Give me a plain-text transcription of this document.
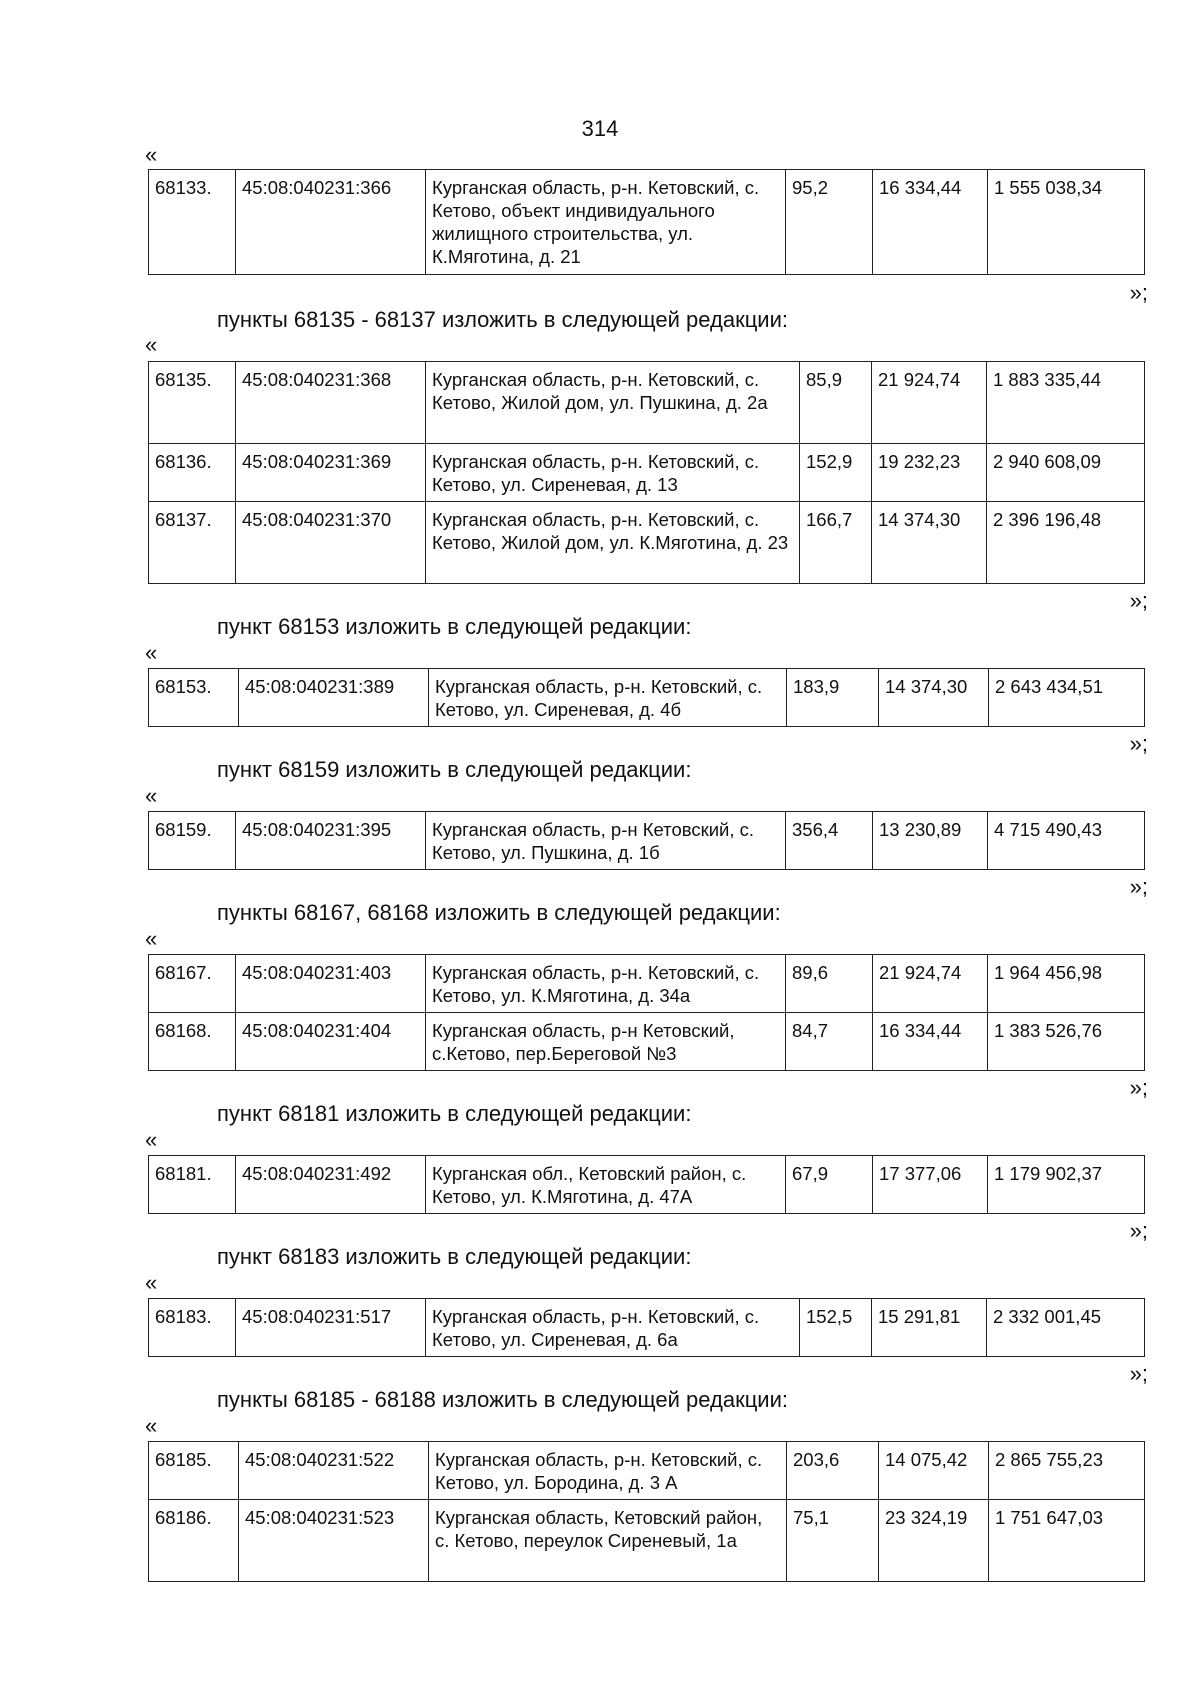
314
«
68133.	45:08:040231:366	Курганская область, р-н. Кетовский, с. Кетово, объект индивидуального жилищного строительства, ул. К.Мяготина, д. 21	95,2	16 334,44	1 555 038,34
»;
пункты 68135 - 68137 изложить в следующей редакции:
«
68135.	45:08:040231:368	Курганская область, р-н. Кетовский, с. Кетово, Жилой дом, ул. Пушкина, д. 2а	85,9	21 924,74	1 883 335,44
68136.	45:08:040231:369	Курганская область, р-н. Кетовский, с. Кетово, ул. Сиреневая, д. 13	152,9	19 232,23	2 940 608,09
68137.	45:08:040231:370	Курганская область, р-н. Кетовский, с. Кетово, Жилой дом, ул. К.Мяготина, д. 23	166,7	14 374,30	2 396 196,48
»;
пункт 68153 изложить в следующей редакции:
«
68153.	45:08:040231:389	Курганская область, р-н. Кетовский, с. Кетово, ул. Сиреневая, д. 4б	183,9	14 374,30	2 643 434,51
»;
пункт 68159 изложить в следующей редакции:
«
68159.	45:08:040231:395	Курганская область, р-н Кетовский, с. Кетово, ул. Пушкина, д. 1б	356,4	13 230,89	4 715 490,43
»;
пункты 68167, 68168 изложить в следующей редакции:
«
68167.	45:08:040231:403	Курганская область, р-н. Кетовский, с. Кетово, ул. К.Мяготина, д. 34а	89,6	21 924,74	1 964 456,98
68168.	45:08:040231:404	Курганская область, р-н Кетовский, с.Кетово, пер.Береговой №3	84,7	16 334,44	1 383 526,76
»;
пункт 68181 изложить в следующей редакции:
«
68181.	45:08:040231:492	Курганская обл., Кетовский район, с. Кетово, ул. К.Мяготина, д. 47А	67,9	17 377,06	1 179 902,37
»;
пункт 68183 изложить в следующей редакции:
«
68183.	45:08:040231:517	Курганская область, р-н. Кетовский, с. Кетово, ул. Сиреневая, д. 6а	152,5	15 291,81	2 332 001,45
»;
пункты 68185 - 68188 изложить в следующей редакции:
«
68185.	45:08:040231:522	Курганская область, р-н. Кетовский, с. Кетово, ул. Бородина, д. 3 А	203,6	14 075,42	2 865 755,23
68186.	45:08:040231:523	Курганская область, Кетовский район, с. Кетово, переулок Сиреневый, 1а	75,1	23 324,19	1 751 647,03
